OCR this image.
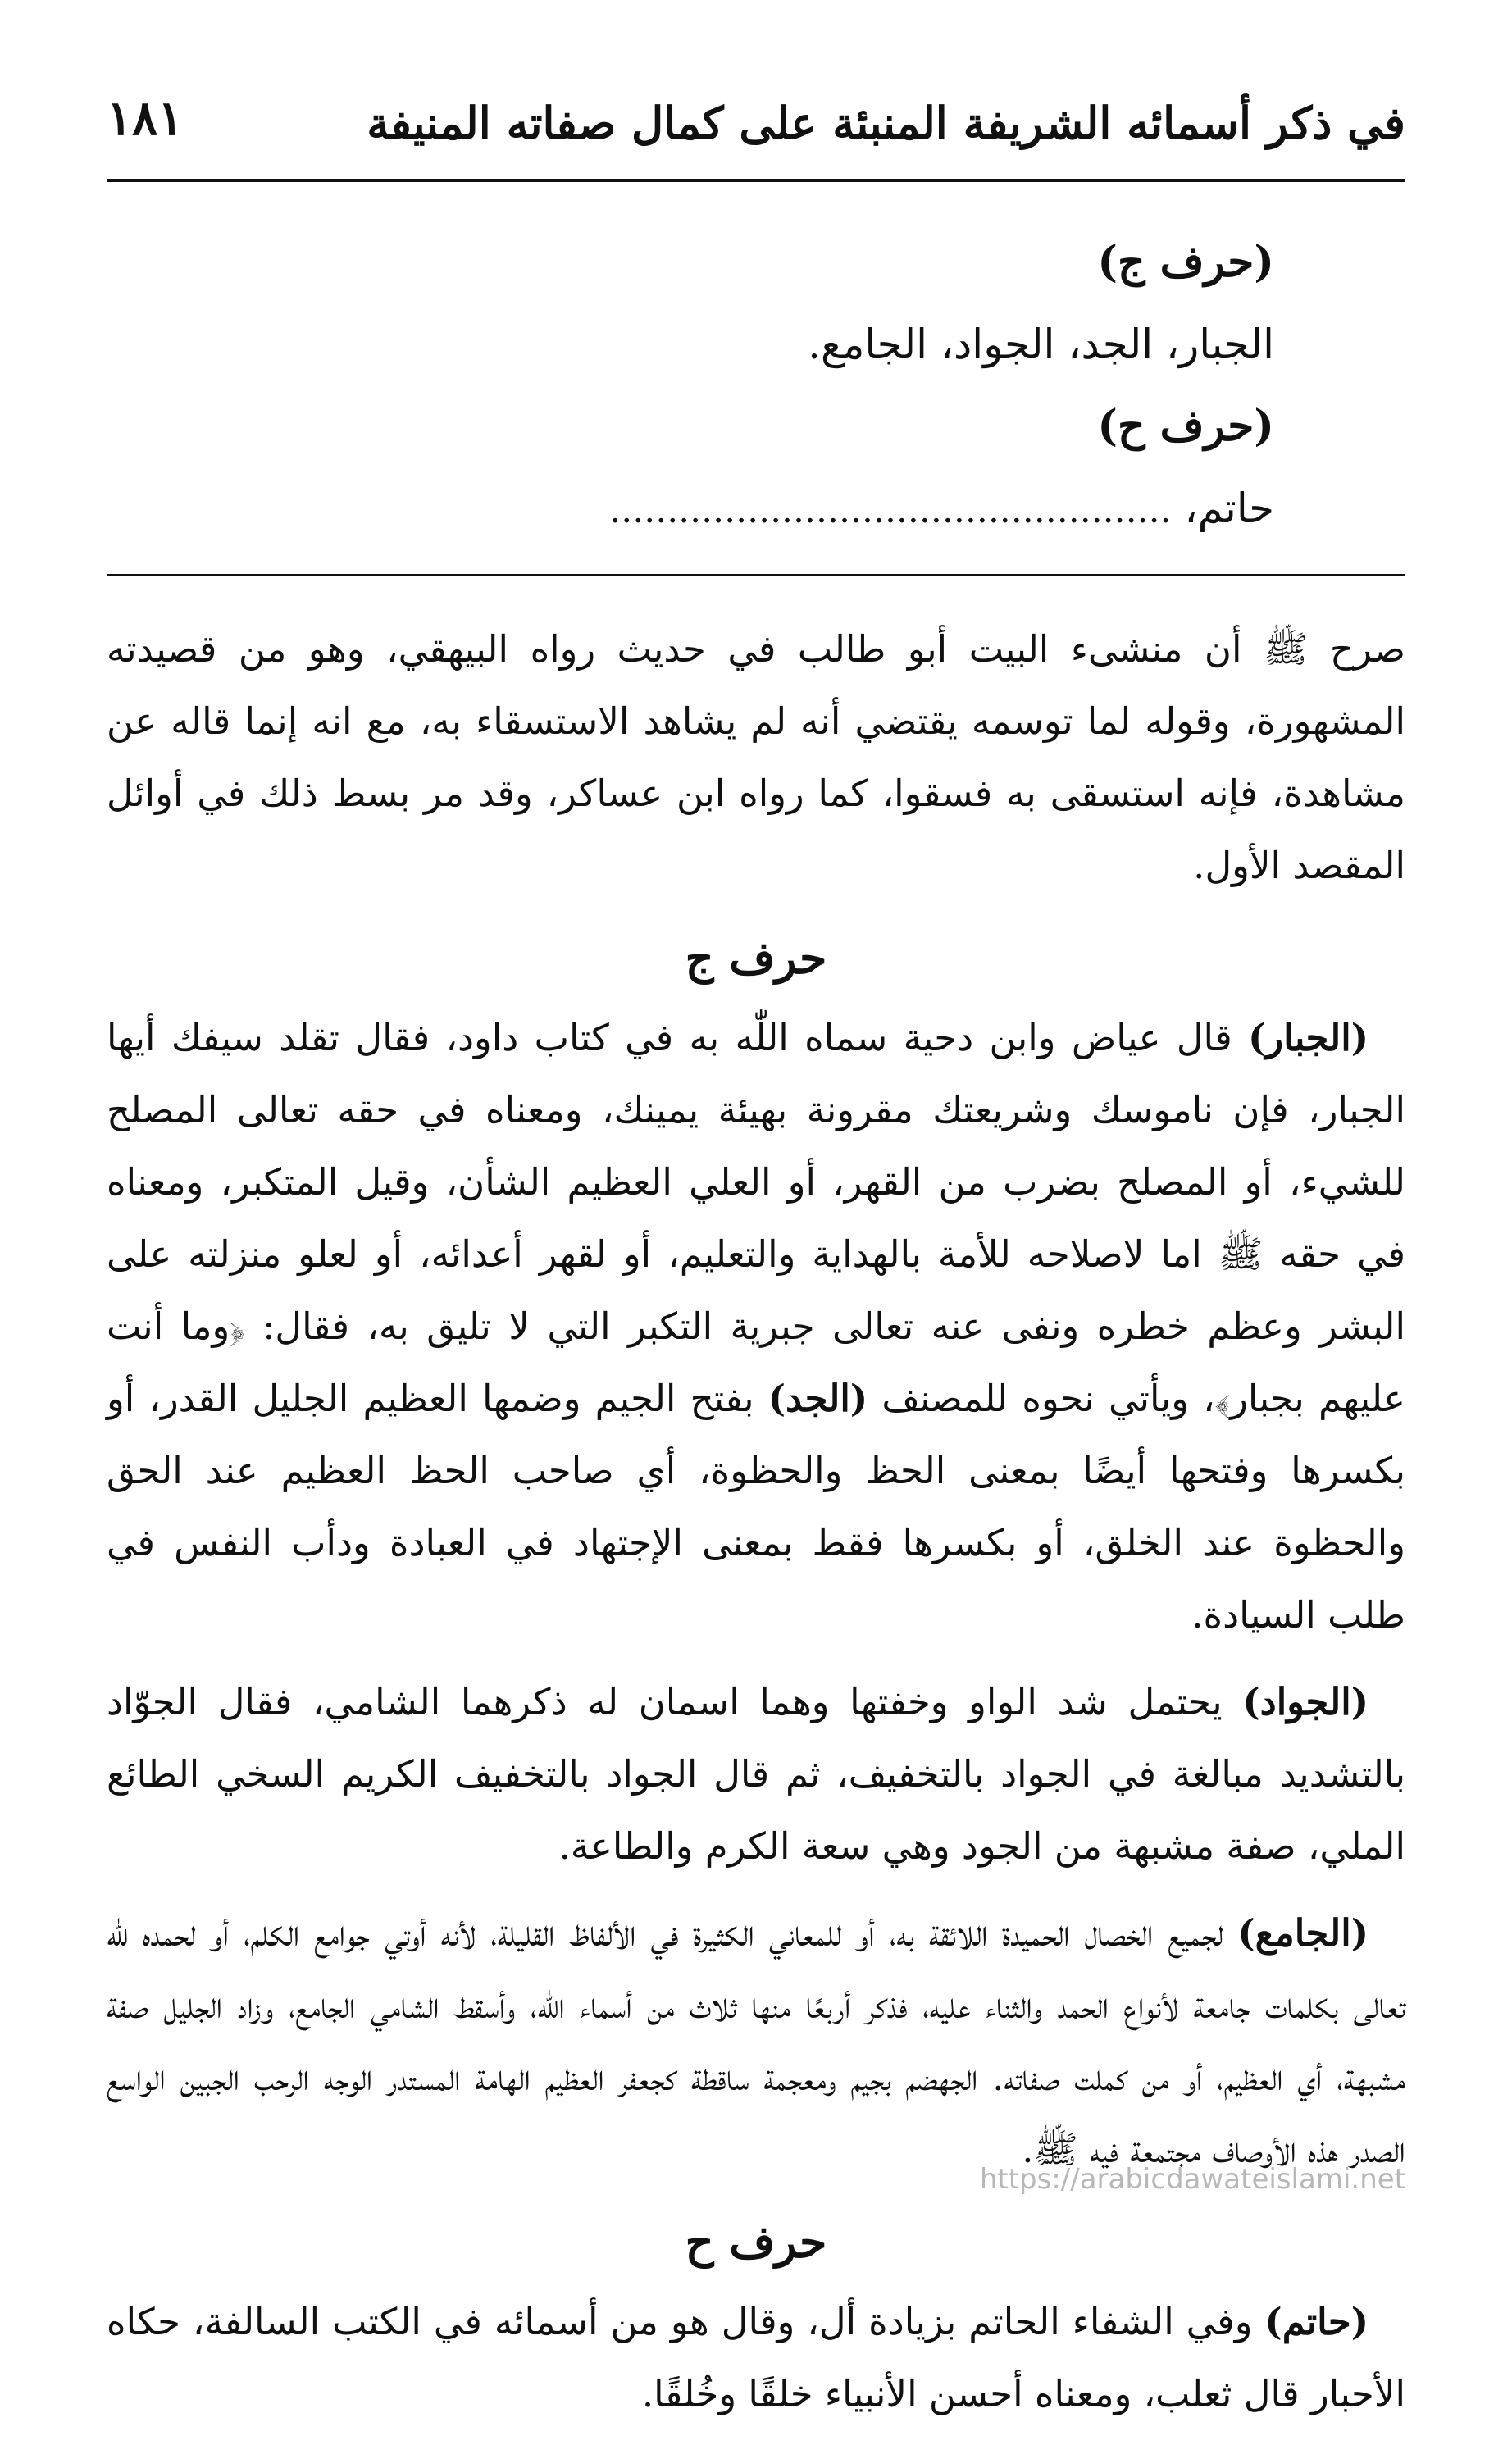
في ذكر أسمائه الشريفة المنبئة على كمال صفاته المنيفة
١٨١
(حرف ج)
الجبار، الجد، الجواد، الجامع.
(حرف ح)
حاتم، .................................................

صرح ﷺ أن منشىء البيت أبو طالب في حديث رواه البيهقي، وهو من قصيدته المشهورة، وقوله لما توسمه يقتضي أنه لم يشاهد الاستسقاء به، مع انه إنما قاله عن مشاهدة، فإنه استسقى به فسقوا، كما رواه ابن عساكر، وقد مر بسط ذلك في أوائل المقصد الأول.

حرف ج

(الجبار) قال عياض وابن دحية سماه اللّٰه به في كتاب داود، فقال تقلد سيفك أيها الجبار، فإن ناموسك وشريعتك مقرونة بهيئة يمينك، ومعناه في حقه تعالى المصلح للشيء، أو المصلح بضرب من القهر، أو العلي العظيم الشأن، وقيل المتكبر، ومعناه في حقه ﷺ اما لاصلاحه للأمة بالهداية والتعليم، أو لقهر أعدائه، أو لعلو منزلته على البشر وعظم خطره ونفى عنه تعالى جبرية التكبر التي لا تليق به، فقال: ﴿وما أنت عليهم بجبار﴾، ويأتي نحوه للمصنف (الجد) بفتح الجيم وضمها العظيم الجليل القدر، أو بكسرها وفتحها أيضًا بمعنى الحظ والحظوة، أي صاحب الحظ العظيم عند الحق والحظوة عند الخلق، أو بكسرها فقط بمعنى الإجتهاد في العبادة ودأب النفس في طلب السيادة.

(الجواد) يحتمل شد الواو وخفتها وهما اسمان له ذكرهما الشامي، فقال الجوّاد بالتشديد مبالغة في الجواد بالتخفيف، ثم قال الجواد بالتخفيف الكريم السخي الطائع الملي، صفة مشبهة من الجود وهي سعة الكرم والطاعة.

(الجامع) لجميع الخصال الحميدة اللائقة به، أو للمعاني الكثيرة في الألفاظ القليلة، لأنه أوتي جوامع الكلم، أو لحمده للّٰه تعالى بكلمات جامعة لأنواع الحمد والثناء عليه، فذكر أربعًا منها ثلاث من أسماء اللّٰه، وأسقط الشامي الجامع، وزاد الجليل صفة مشبهة، أي العظيم، أو من كملت صفاته. الجهضم بجيم ومعجمة ساقطة كجعفر العظيم الهامة المستدر الوجه الرحب الجبين الواسع الصدر هذه الأوصاف مجتمعة فيه ﷺ.

حرف ح

(حاتم) وفي الشفاء الحاتم بزيادة أل، وقال هو من أسمائه في الكتب السالفة، حكاه الأحبار قال ثعلب، ومعناه أحسن الأنبياء خلقًا وخُلقًا.

https://arabicdawateislami.net
